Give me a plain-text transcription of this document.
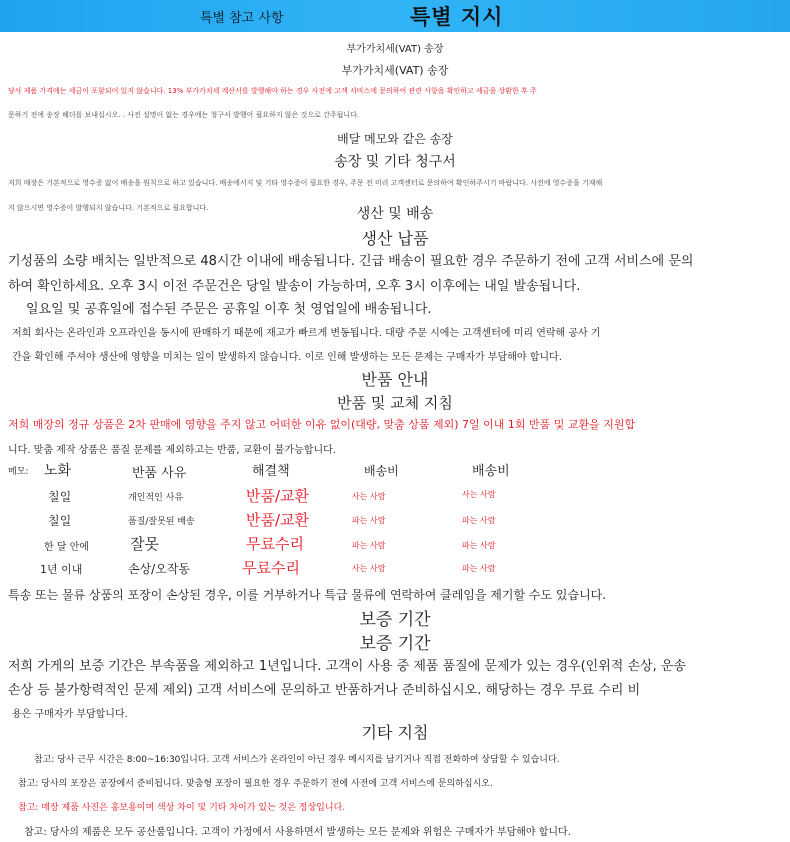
특별 참고 사항	특별 지시
부가가치세(VAT) 송장
부가가치세(VAT) 송장
당사 제품 가격에는 세금이 포함되어 있지 않습니다. 13% 부가가치세 계산서를 발행해야 하는 경우 사전에 고객 서비스에 문의하여 관련 사항을 확인하고 세금을 상환한 후 주
문하기 전에 송장 헤더를 보내십시오. . 사전 설명이 없는 경우에는 청구서 발행이 필요하지 않은 것으로 간주됩니다.
배달 메모와 같은 송장
송장 및 기타 청구서
저희 매장은 기본적으로 영수증 없이 배송을 원칙으로 하고 있습니다. 배송에서지 및 기타 영수증이 필요한 경우, 주문 전 미리 고객센터로 문의하여 확인하주시기 바랍니다. 사전에 영수증을 기재해
지 않으시면 영수증이 발행되지 않습니다. 기본적으로 필요합니다.	생산 및 배송
생산 납품
기성품의 소량 배치는 일반적으로 48시간 이내에 배송됩니다. 긴급 배송이 필요한 경우 주문하기 전에 고객 서비스에 문의
하여 확인하세요. 오후 3시 이전 주문건은 당일 발송이 가능하며, 오후 3시 이후에는 내일 발송됩니다.
일요일 및 공휴일에 접수된 주문은 공휴일 이후 첫 영업일에 배송됩니다.
저희 회사는 온라인과 오프라인을 동시에 판매하기 때문에 재고가 빠르게 변동됩니다. 대량 주문 시에는 고객센터에 미리 연락해 공사 기
간을 확인해 주셔야 생산에 영향을 미치는 일이 발생하지 않습니다. 이로 인해 발생하는 모든 문제는 구매자가 부담해야 합니다.
반품 안내
반품 및 교체 지침
저희 매장의 정규 상품은 2차 판매에 영향을 주지 않고 어떠한 이유 없이(대량, 맞춤 상품 제외) 7일 이내 1회 반품 및 교환을 지원합
니다. 맞춤 제작 상품은 품질 문제를 제외하고는 반품, 교환이 불가능합니다.
메모: 노화	반품 사유	해결책	배송비	배송비
칠일	개인적인 사유	반품/교환	사는 사람	사는 사람
칠일	품질/잘못된 배송	반품/교환	파는 사람	파는 사람
한 달 안에	잘못	무료수리	파는 사람	파는 사람
1년 이내	손상/오작동	무료수리	사는 사람	파는 사람
특송 또는 물류 상품의 포장이 손상된 경우, 이를 거부하거나 특급 물류에 연락하여 클레임을 제기할 수도 있습니다.
보증 기간
보증 기간
저희 가게의 보증 기간은 부속품을 제외하고 1년입니다. 고객이 사용 중 제품 품질에 문제가 있는 경우(인위적 손상, 운송
손상 등 불가항력적인 문제 제외) 고객 서비스에 문의하고 반품하거나 준비하십시오. 해당하는 경우 무료 수리 비
용은 구매자가 부담합니다.
기타 지침
참고: 당사 근무 시간은 8:00~16:30입니다. 고객 서비스가 온라인이 아닌 경우 메시지를 남기거나 직접 전화하여 상담할 수 있습니다.
참고: 당사의 포장은 공장에서 준비됩니다. 맞춤형 포장이 필요한 경우 주문하기 전에 사전에 고객 서비스에 문의하십시오.
참고: 매장 제품 사진은 홍보용이며 색상 차이 및 기타 차이가 있는 것은 정상입니다.
참고: 당사의 제품은 모두 공산품입니다. 고객이 가정에서 사용하면서 발생하는 모든 문제와 위험은 구매자가 부담해야 합니다.
